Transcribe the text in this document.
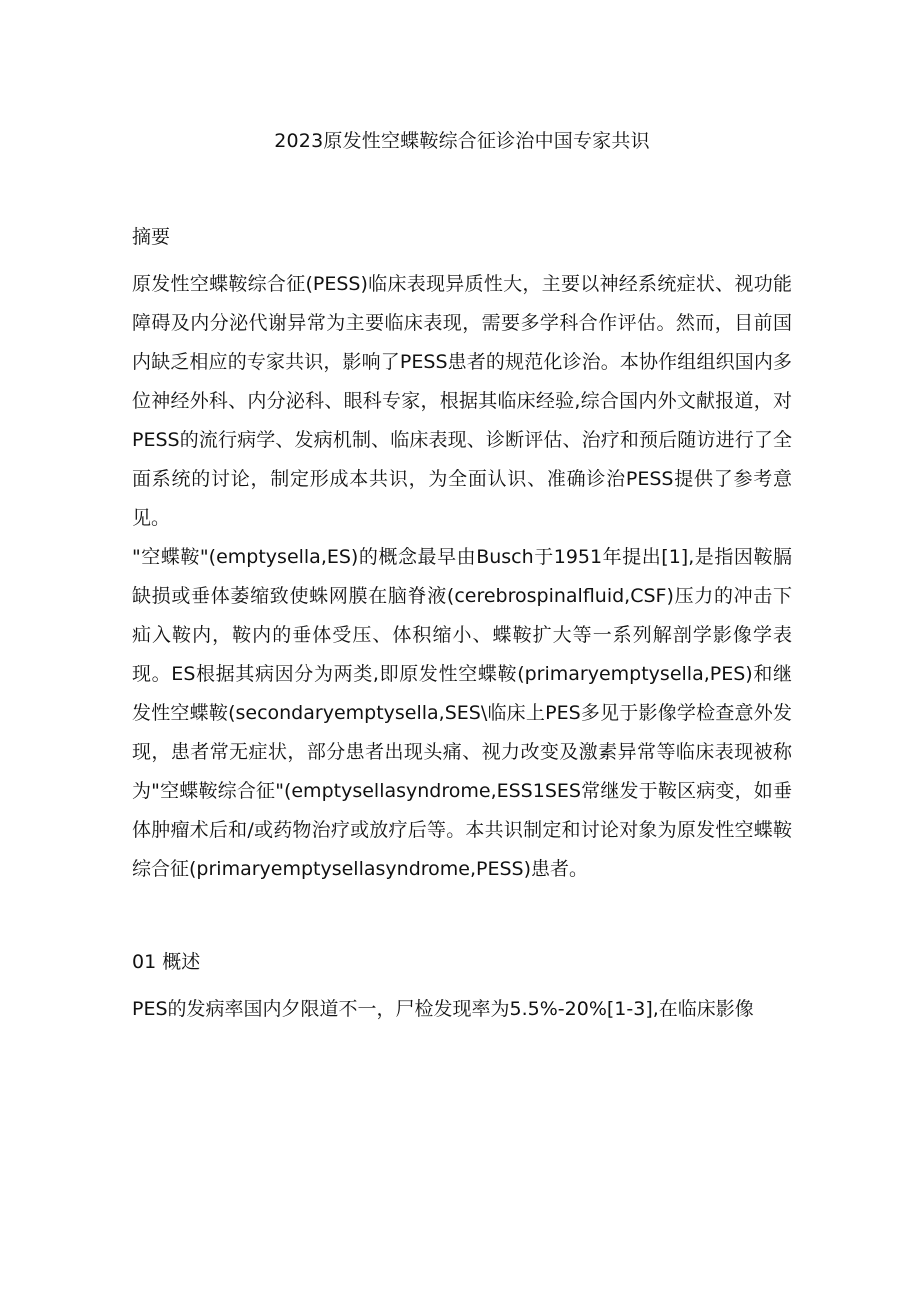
2023原发性空蝶鞍综合征诊治中国专家共识
摘要

原发性空蝶鞍综合征(PESS)临床表现异质性大，主要以神经系统症状、视功能障碍及内分泌代谢异常为主要临床表现，需要多学科合作评估。然而，目前国内缺乏相应的专家共识，影响了PESS患者的规范化诊治。本协作组组织国内多位神经外科、内分泌科、眼科专家，根据其临床经验,综合国内外文献报道，对PESS的流行病学、发病机制、临床表现、诊断评估、治疗和预后随访进行了全面系统的讨论，制定形成本共识，为全面认识、准确诊治PESS提供了参考意见。

"空蝶鞍"(emptysella,ES)的概念最早由Busch于1951年提出[1],是指因鞍膈缺损或垂体萎缩致使蛛网膜在脑脊液(cerebrospinalfluid,CSF)压力的冲击下疝入鞍内，鞍内的垂体受压、体积缩小、蝶鞍扩大等一系列解剖学影像学表现。ES根据其病因分为两类,即原发性空蝶鞍(primaryemptysella,PES)和继发性空蝶鞍(secondaryemptysella,SES\临床上PES多见于影像学检查意外发现，患者常无症状，部分患者出现头痛、视力改变及激素异常等临床表现被称为"空蝶鞍综合征"(emptysellasyndrome,ESS1SES常继发于鞍区病变，如垂体肿瘤术后和/或药物治疗或放疗后等。本共识制定和讨论对象为原发性空蝶鞍综合征(primaryemptysellasyndrome,PESS)患者。

01 概述

PES的发病率国内夕限道不一，尸检发现率为5.5%-20%[1-3],在临床影像
